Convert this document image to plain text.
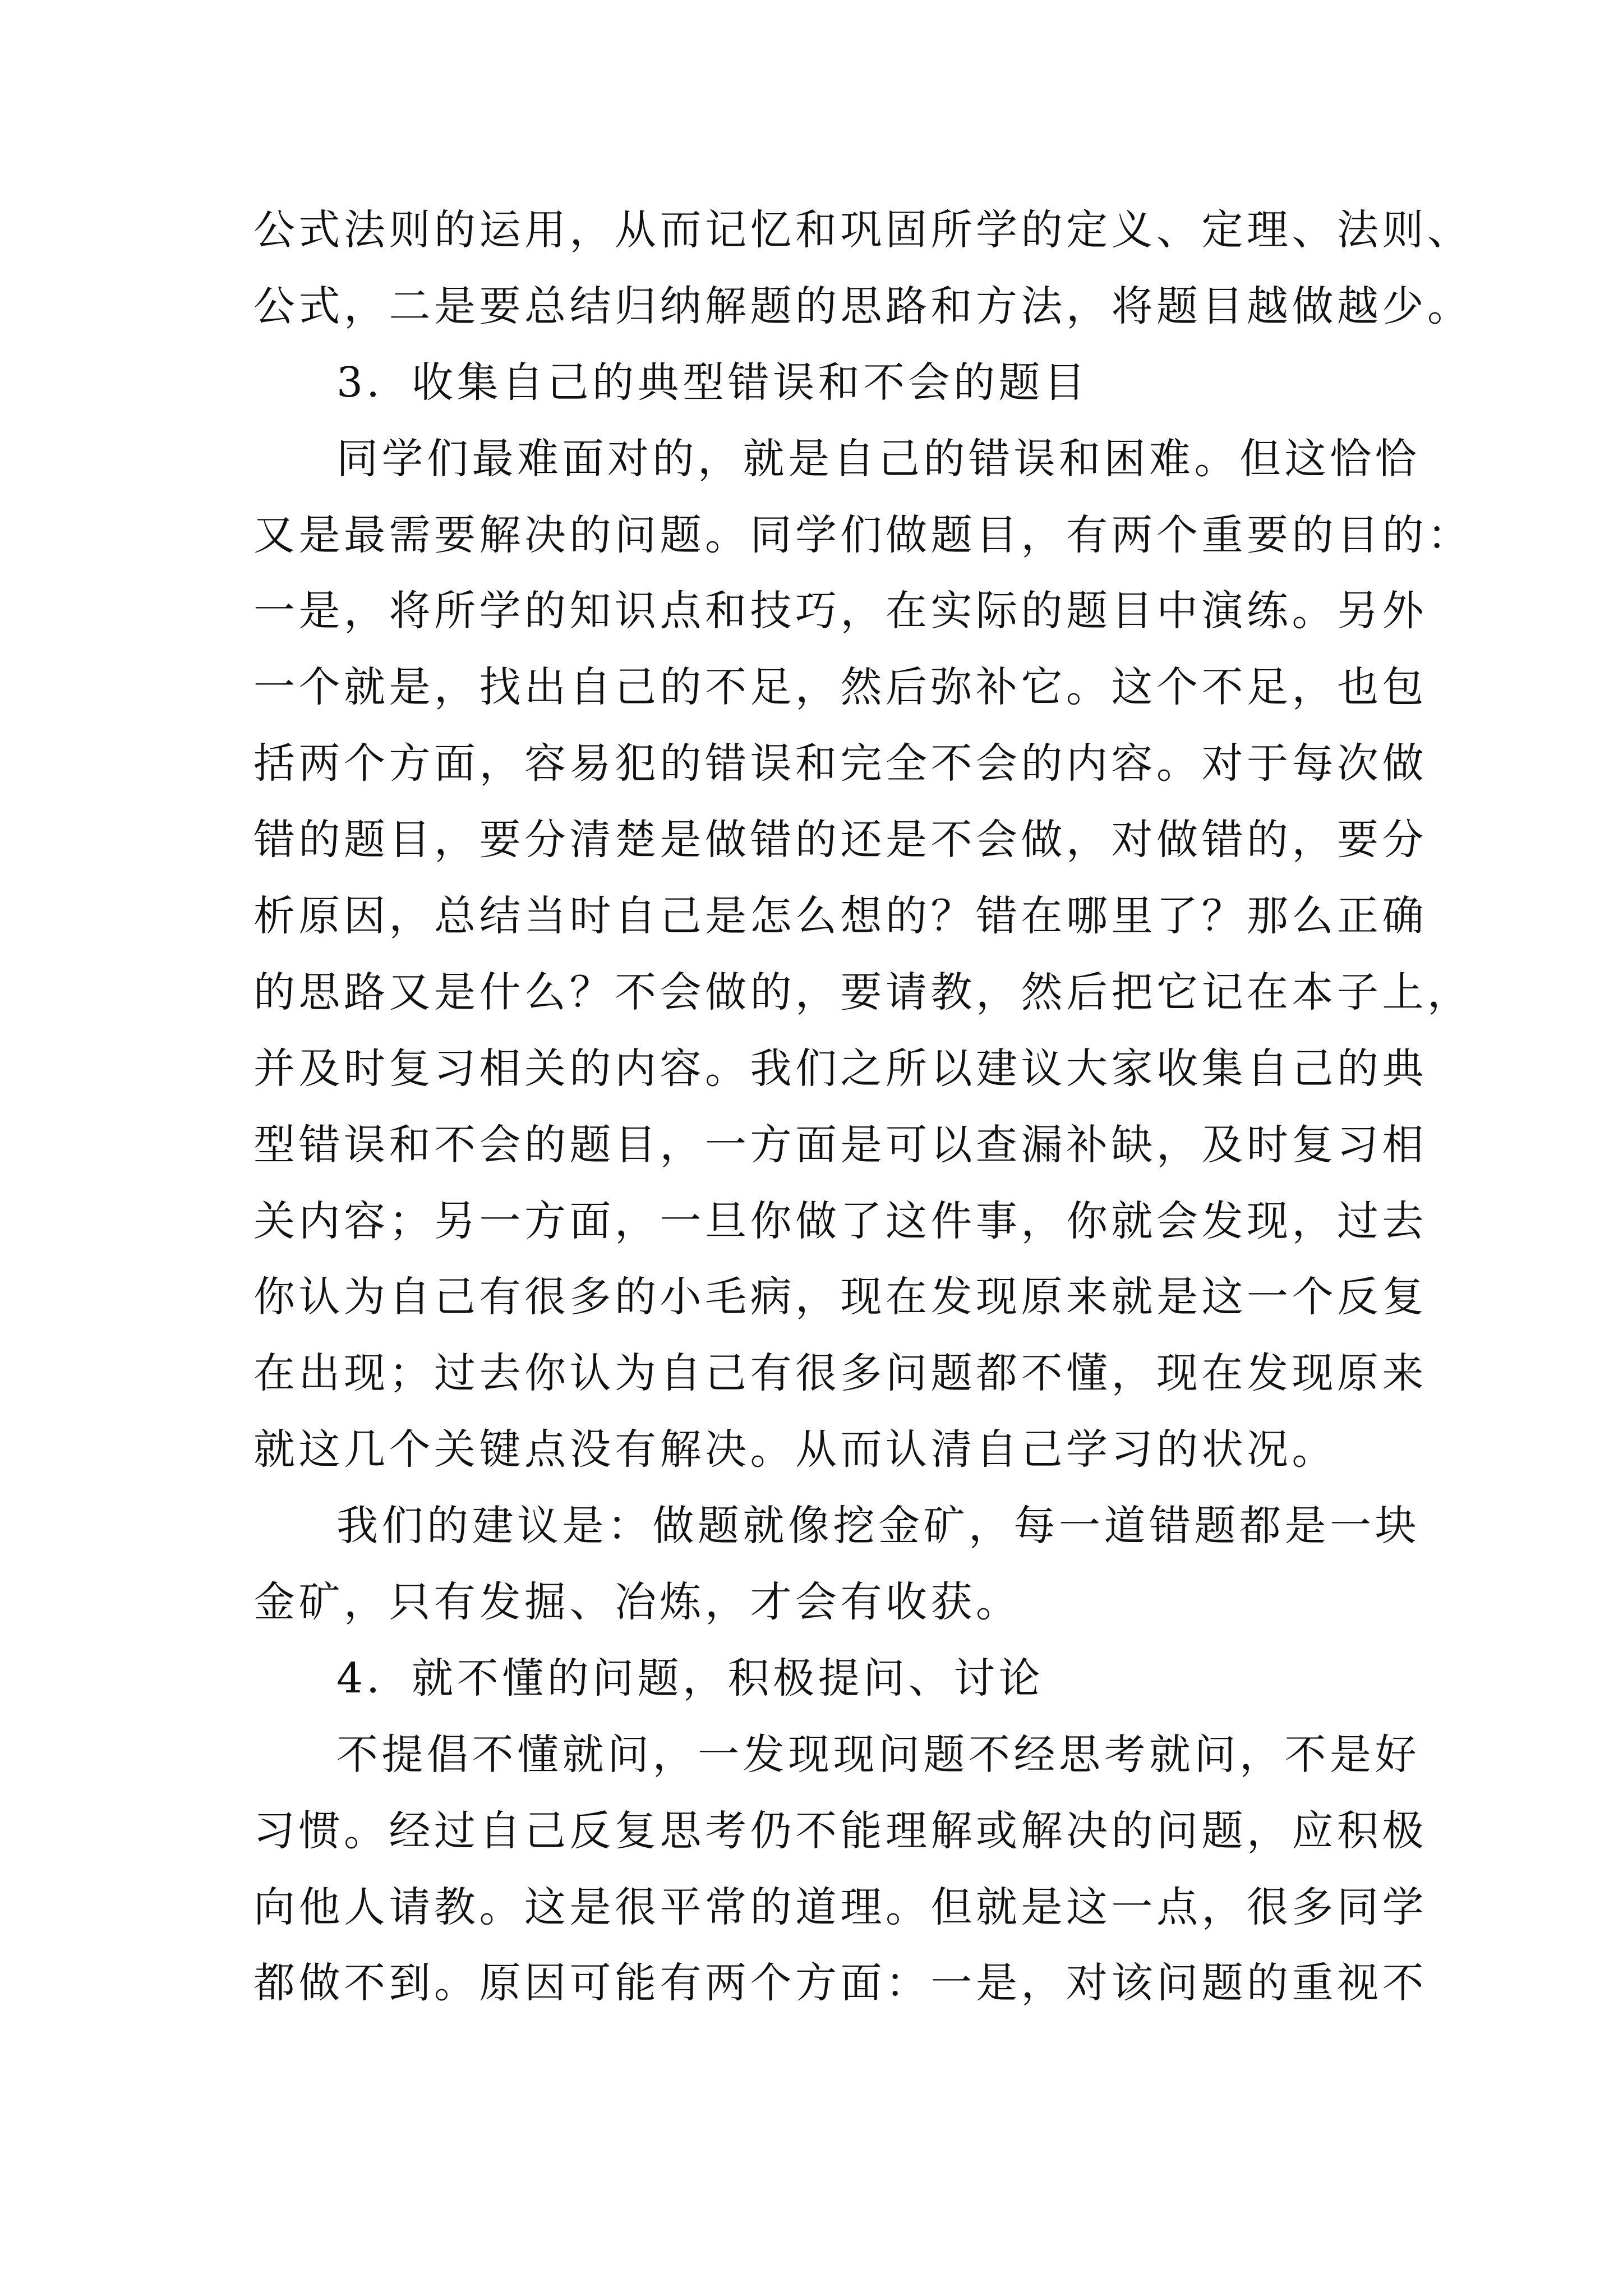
公式法则的运用，从而记忆和巩固所学的定义、定理、法则、
公式，二是要总结归纳解题的思路和方法，将题目越做越少。
3．收集自己的典型错误和不会的题目
同学们最难面对的，就是自己的错误和困难。但这恰恰
又是最需要解决的问题。同学们做题目，有两个重要的目的：
一是，将所学的知识点和技巧，在实际的题目中演练。另外
一个就是，找出自己的不足，然后弥补它。这个不足，也包
括两个方面，容易犯的错误和完全不会的内容。对于每次做
错的题目，要分清楚是做错的还是不会做，对做错的，要分
析原因，总结当时自己是怎么想的？错在哪里了？那么正确
的思路又是什么？不会做的，要请教，然后把它记在本子上，
并及时复习相关的内容。我们之所以建议大家收集自己的典
型错误和不会的题目，一方面是可以查漏补缺，及时复习相
关内容；另一方面，一旦你做了这件事，你就会发现，过去
你认为自己有很多的小毛病，现在发现原来就是这一个反复
在出现；过去你认为自己有很多问题都不懂，现在发现原来
就这几个关键点没有解决。从而认清自己学习的状况。
我们的建议是：做题就像挖金矿，每一道错题都是一块
金矿，只有发掘、冶炼，才会有收获。
4．就不懂的问题，积极提问、讨论
不提倡不懂就问，一发现现问题不经思考就问，不是好
习惯。经过自己反复思考仍不能理解或解决的问题，应积极
向他人请教。这是很平常的道理。但就是这一点，很多同学
都做不到。原因可能有两个方面：一是，对该问题的重视不
